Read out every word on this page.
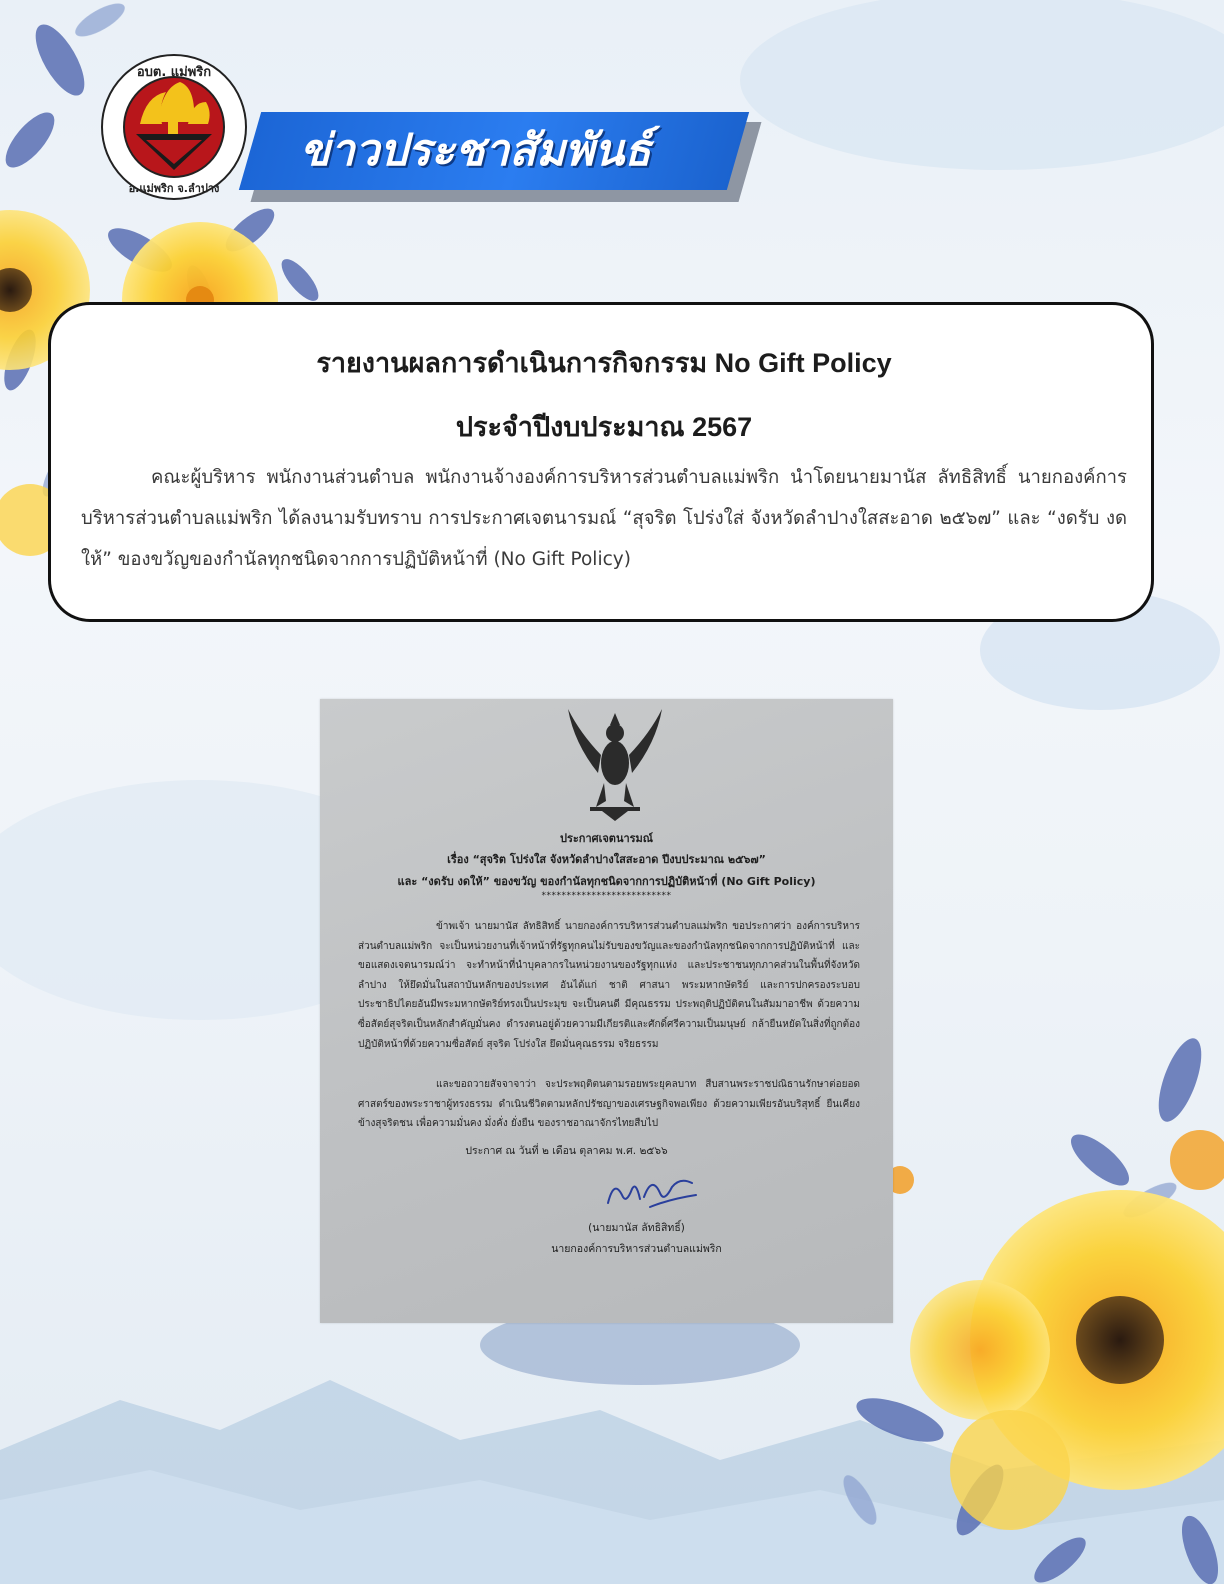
อบต. แม่พริก
อ.แม่พริก จ.ลำปาง
ข่าวประชาสัมพันธ์
รายงานผลการดำเนินการกิจกรรม No Gift Policy
ประจำปีงบประมาณ 2567
คณะผู้บริหาร พนักงานส่วนตำบล พนักงานจ้างองค์การบริหารส่วนตำบลแม่พริก นำโดยนายมานัส ลัทธิสิทธิ์ นายกองค์การบริหารส่วนตำบลแม่พริก ได้ลงนามรับทราบ การประกาศเจตนารมณ์ “สุจริต โปร่งใส่ จังหวัดลำปางใสสะอาด ๒๕๖๗” และ “งดรับ งดให้” ของขวัญของกำนัลทุกชนิดจากการปฏิบัติหน้าที่ (No Gift Policy)
ประกาศเจตนารมณ์
เรื่อง “สุจริต โปร่งใส จังหวัดลำปางใสสะอาด ปีงบประมาณ ๒๕๖๗”
และ “งดรับ งดให้” ของขวัญ ของกำนัลทุกชนิดจากการปฏิบัติหน้าที่ (No Gift Policy)
**************************
ข้าพเจ้า นายมานัส ลัทธิสิทธิ์ นายกองค์การบริหารส่วนตำบลแม่พริก ขอประกาศว่า องค์การบริหารส่วนตำบลแม่พริก จะเป็นหน่วยงานที่เจ้าหน้าที่รัฐทุกคนไม่รับของขวัญและของกำนัลทุกชนิดจากการปฏิบัติหน้าที่ และขอแสดงเจตนารมณ์ว่า จะทำหน้าที่นำบุคลากรในหน่วยงานของรัฐทุกแห่ง และประชาชนทุกภาคส่วนในพื้นที่จังหวัดลำปาง ให้ยึดมั่นในสถาบันหลักของประเทศ อันได้แก่ ชาติ ศาสนา พระมหากษัตริย์ และการปกครองระบอบประชาธิปไตยอันมีพระมหากษัตริย์ทรงเป็นประมุข จะเป็นคนดี มีคุณธรรม ประพฤติปฏิบัติตนในสัมมาอาชีพ ด้วยความซื่อสัตย์สุจริตเป็นหลักสำคัญมั่นคง ดำรงตนอยู่ด้วยความมีเกียรติและศักดิ์ศรีความเป็นมนุษย์ กล้ายืนหยัดในสิ่งที่ถูกต้อง ปฏิบัติหน้าที่ด้วยความซื่อสัตย์ สุจริต โปร่งใส ยึดมั่นคุณธรรม จริยธรรม
และขอถวายสัจจาจาว่า จะประพฤติตนตามรอยพระยุคลบาท สืบสานพระราชปณิธานรักษาต่อยอดศาสตร์ของพระราชาผู้ทรงธรรม ดำเนินชีวิตตามหลักปรัชญาของเศรษฐกิจพอเพียง ด้วยความเพียรอันบริสุทธิ์ ยืนเคียงข้างสุจริตชน เพื่อความมั่นคง มั่งคั่ง ยั่งยืน ของราชอาณาจักรไทยสืบไป
ประกาศ ณ วันที่ ๒ เดือน ตุลาคม พ.ศ. ๒๕๖๖
(นายมานัส ลัทธิสิทธิ์)
นายกองค์การบริหารส่วนตำบลแม่พริก
